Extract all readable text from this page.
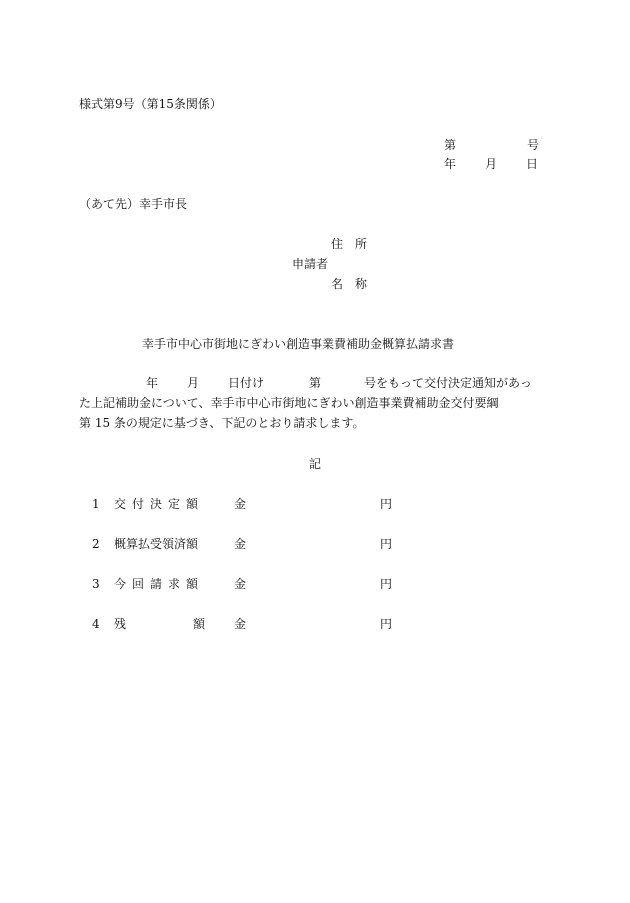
様式第9号（第15条関係）
第	号
年 月 日
（あて先）幸手市長
住　所
申請者
名　称
幸手市中心市街地にぎわい創造事業費補助金概算払請求書
年 月 日付け	第	号をもって交付決定通知があっ
た上記補助金について、幸手市中心市街地にぎわい創造事業費補助金交付要綱
第 15 条の規定に基づき、下記のとおり請求します。
記
1 交付決定額 金	円
2 概算払受領済額	金	円
3 今回請求額 金	円
4 残	額 金	円
